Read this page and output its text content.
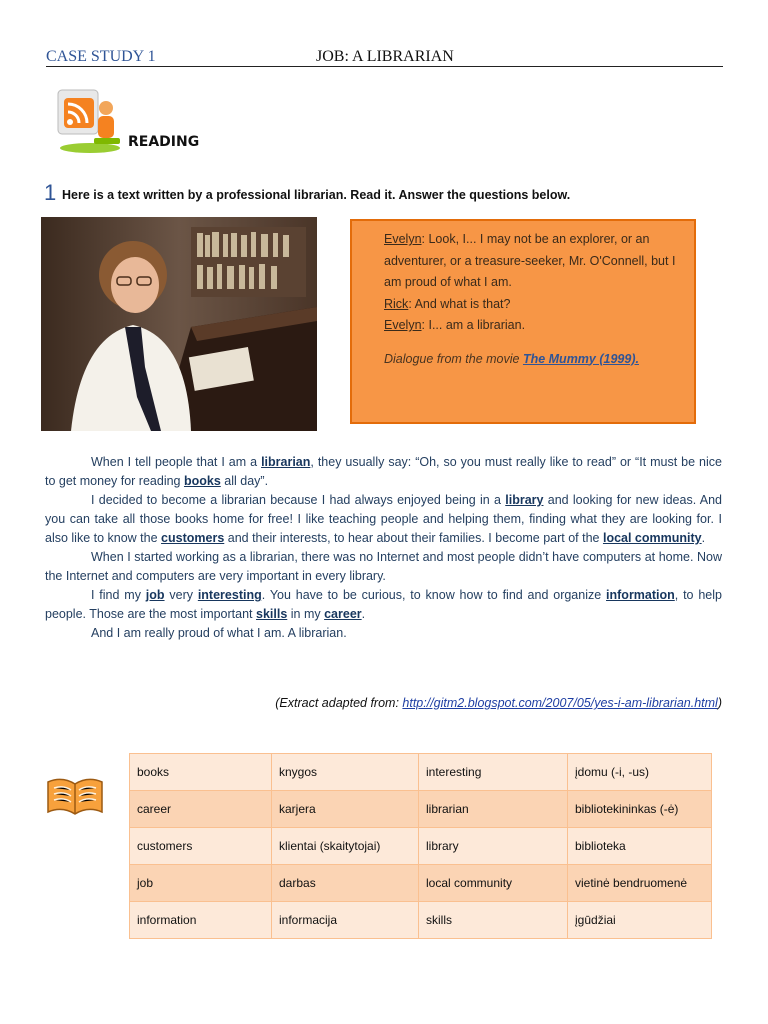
CASE STUDY 1	JOB: A LIBRARIAN
READING
1 Here is a text written by a professional librarian. Read it. Answer the questions below.
Evelyn: Look, I... I may not be an explorer, or an adventurer, or a treasure-seeker, Mr. O'Connell, but I am proud of what I am.
Rick: And what is that?
Evelyn: I... am a librarian.
Dialogue from the movie The Mummy (1999).

When I tell people that I am a librarian, they usually say: “Oh, so you must really like to read” or “It must be nice to get money for reading books all day”.

I decided to become a librarian because I had always enjoyed being in a library and looking for new ideas. And you can take all those books home for free! I like teaching people and helping them, finding what they are looking for. I also like to know the customers and their interests, to hear about their families. I become part of the local community.

When I started working as a librarian, there was no Internet and most people didn’t have computers at home. Now the Internet and computers are very important in every library.

I find my job very interesting. You have to be curious, to know how to find and organize information, to help people. Those are the most important skills in my career.

And I am really proud of what I am. A librarian.

(Extract adapted from: http://gitm2.blogspot.com/2007/05/yes-i-am-librarian.html)
books	knygos	interesting	įdomu (-i, -us)
career	karjera	librarian	bibliotekininkas (-ė)
customers	klientai (skaitytojai)	library	biblioteka
job	darbas	local community	vietinė bendruomenė
information	informacija	skills	įgūdžiai
